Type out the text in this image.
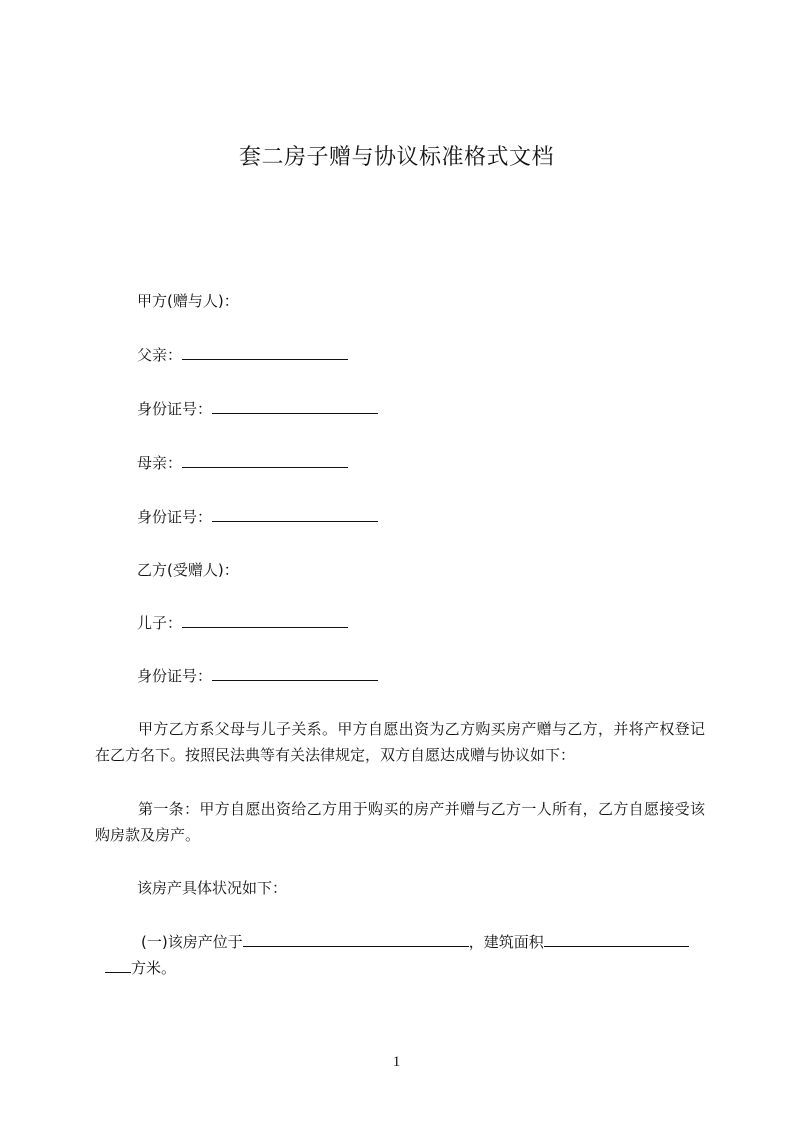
套二房子赠与协议标准格式文档
甲方(赠与人)：
父亲：
身份证号：
母亲：
身份证号：
乙方(受赠人)：
儿子：
身份证号：

甲方乙方系父母与儿子关系。甲方自愿出资为乙方购买房产赠与乙方，并将产权登记在乙方名下。按照民法典等有关法律规定，双方自愿达成赠与协议如下：

第一条：甲方自愿出资给乙方用于购买的房产并赠与乙方一人所有，乙方自愿接受该购房款及房产。

该房产具体状况如下：
(一)该房产位于	，建筑面积
方米。
1
